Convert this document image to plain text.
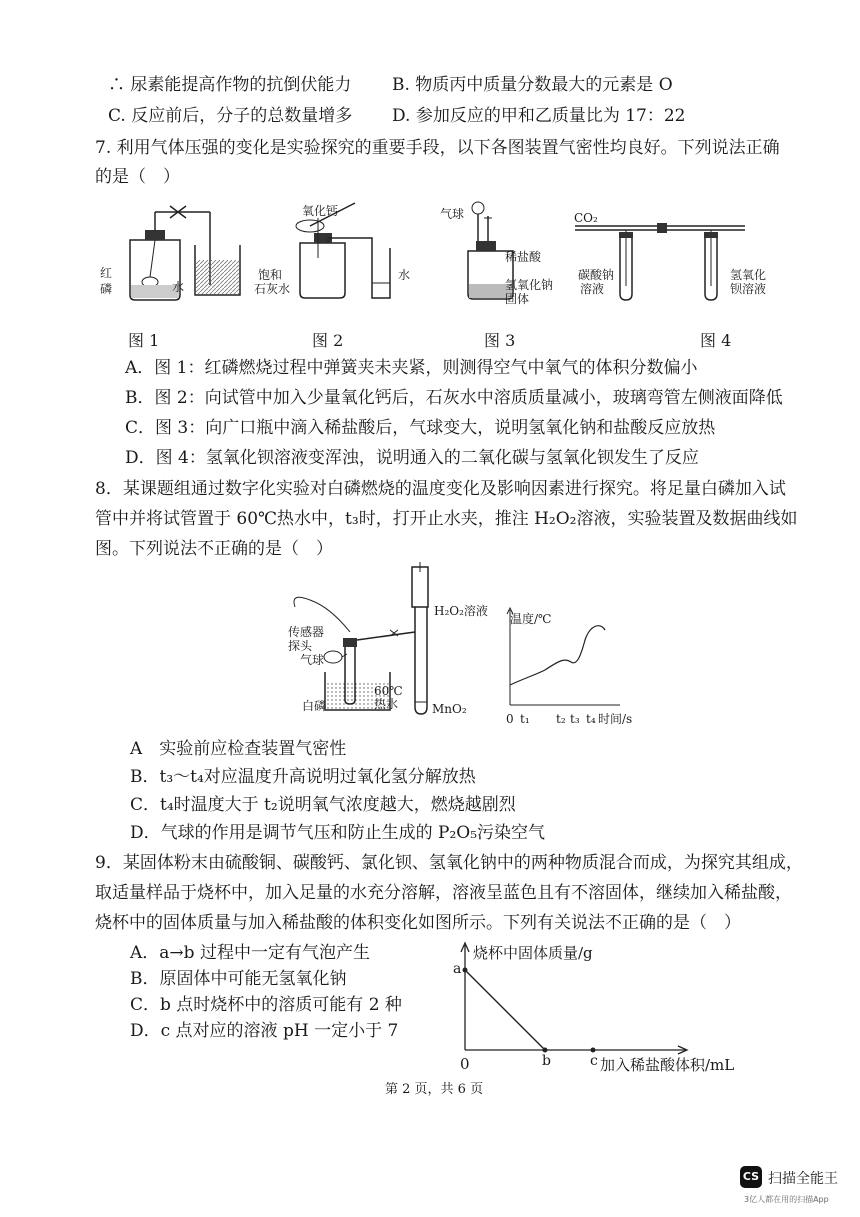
∴ 尿素能提高作物的抗倒伏能力 B. 物质丙中质量分数最大的元素是 O
C. 反应前后，分子的总数量增多 D. 参加反应的甲和乙质量比为 17：22
7. 利用气体压强的变化是实验探究的重要手段，以下各图装置气密性均良好。下列说法正确
的是（　）
红
磷	水
图 1
氧化钙
饱和
石灰水
水
图 2
气球
稀盐酸
氢氧化钠
固体
图 3
CO₂
碳酸钠
溶液
氢氧化
钡溶液
图 4
A．图 1：红磷燃烧过程中弹簧夹未夹紧，则测得空气中氧气的体积分数偏小
B．图 2：向试管中加入少量氧化钙后，石灰水中溶质质量减小，玻璃弯管左侧液面降低
C．图 3：向广口瓶中滴入稀盐酸后，气球变大，说明氢氧化钠和盐酸反应放热
D．图 4：氢氧化钡溶液变浑浊，说明通入的二氧化碳与氢氧化钡发生了反应
8．某课题组通过数字化实验对白磷燃烧的温度变化及影响因素进行探究。将足量白磷加入试
管中并将试管置于 60℃热水中，t₃时，打开止水夹，推注 H₂O₂溶液，实验装置及数据曲线如
图。下列说法不正确的是（　）
H₂O₂溶液
传感器
探头
气球
白磷
60℃
热水	MnO₂
温度/℃
0 t₁ t₂ t₃ t₄ 时间/s
A　实验前应检查装置气密性
B．t₃～t₄对应温度升高说明过氧化氢分解放热
C．t₄时温度大于 t₂说明氧气浓度越大，燃烧越剧烈
D．气球的作用是调节气压和防止生成的 P₂O₅污染空气
9．某固体粉末由硫酸铜、碳酸钙、氯化钡、氢氧化钠中的两种物质混合而成，为探究其组成，
取适量样品于烧杯中，加入足量的水充分溶解，溶液呈蓝色且有不溶固体，继续加入稀盐酸，
烧杯中的固体质量与加入稀盐酸的体积变化如图所示。下列有关说法不正确的是（　）
A．a→b 过程中一定有气泡产生
B．原固体中可能无氢氧化钠
C．b 点时烧杯中的溶质可能有 2 种
D．c 点对应的溶液 pH 一定小于 7
烧杯中固体质量/g
加入稀盐酸体积/mL
0
a
b	c
第 2 页，共 6 页
CS 扫描全能王
3亿人都在用的扫描App
